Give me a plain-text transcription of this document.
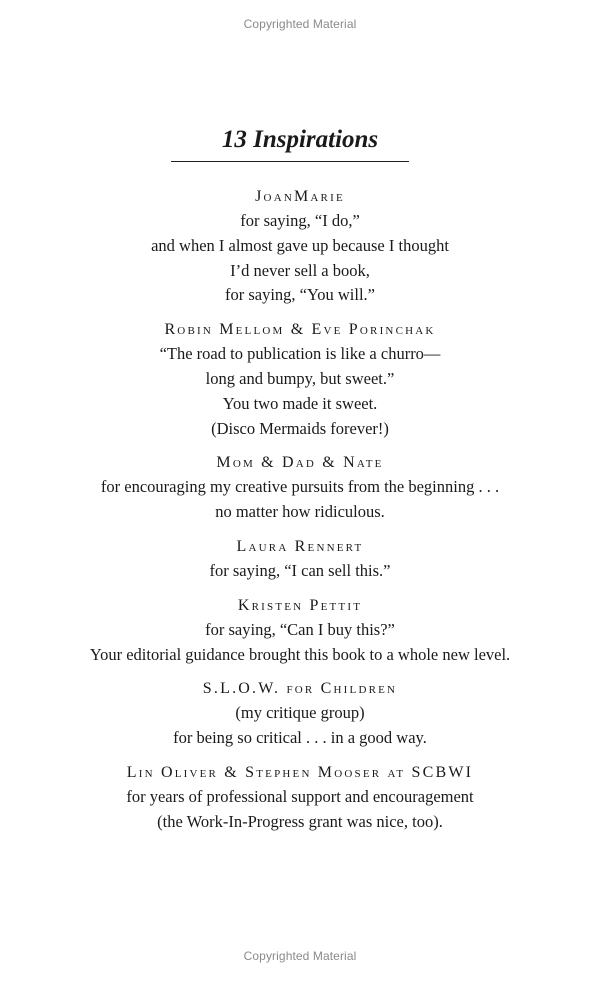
Copyrighted Material
13 Inspirations
JoanMarie
for saying, “I do,”
and when I almost gave up because I thought
I’d never sell a book,
for saying, “You will.”
Robin Mellom & Eve Porinchak
“The road to publication is like a churro—
long and bumpy, but sweet.”
You two made it sweet.
(Disco Mermaids forever!)
Mom & Dad & Nate
for encouraging my creative pursuits from the beginning . . .
no matter how ridiculous.
Laura Rennert
for saying, “I can sell this.”
Kristen Pettit
for saying, “Can I buy this?”
Your editorial guidance brought this book to a whole new level.
S.L.O.W. for Children
(my critique group)
for being so critical . . . in a good way.
Lin Oliver & Stephen Mooser at SCBWI
for years of professional support and encouragement
(the Work-In-Progress grant was nice, too).
Copyrighted Material
